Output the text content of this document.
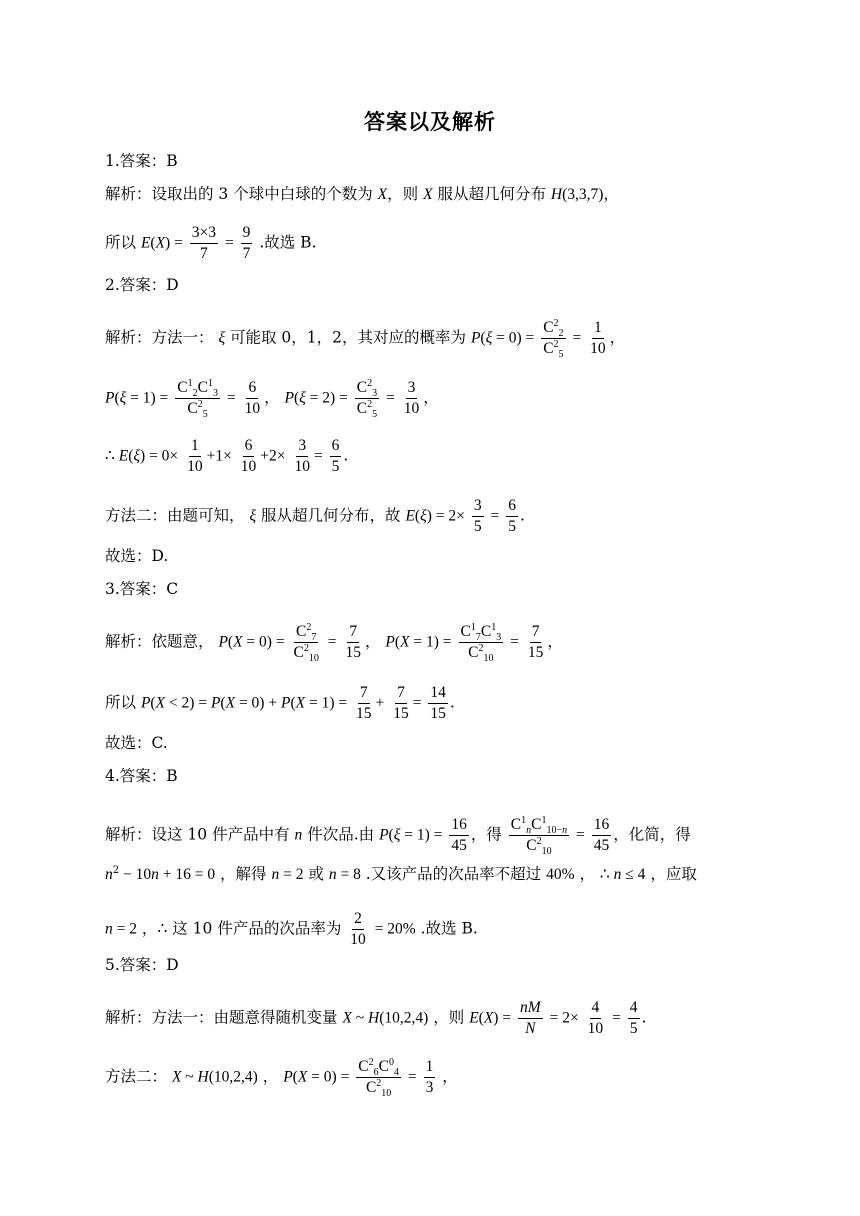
答案以及解析
1.答案：B
解析：设取出的 3 个球中白球的个数为 X，则 X 服从超几何分布 H(3,3,7)，
所以 $E(X) = \frac{3\times 3}{7} = \frac{9}{7}$ .故选 B.
2.答案：D
解析：方法一： ξ 可能取 0，1，2，其对应的概率为 $P(\xi = 0) = \frac{C^2_2}{C^2_5} = \frac{1}{10}$ ，
$P(\xi = 1) = \frac{C^1_2C^1_3}{C^2_5} = \frac{6}{10}$ ， $P(\xi = 2) = \frac{C^2_3}{C^2_5} = \frac{3}{10}$ ，
∴ $E(\xi) = 0\times \frac{1}{10} +1\times \frac{6}{10} +2\times \frac{3}{10} = \frac{6}{5}$ .
方法二：由题可知， ξ 服从超几何分布，故 $E(\xi) = 2\times \frac{3}{5} = \frac{6}{5}$ .
故选：D.
3.答案：C
解析：依题意， $P(X = 0) = \frac{C^2_7}{C^2_{10}} = \frac{7}{15}$ ， $P(X = 1) = \frac{C^1_7C^1_3}{C^2_{10}} = \frac{7}{15}$ ，
所以 $P(X < 2) = P(X = 0) + P(X = 1) = \frac{7}{15} + \frac{7}{15} = \frac{14}{15}$ .
故选：C.
4.答案：B
解析：设这 10 件产品中有 n 件次品.由 $P(\xi = 1) = \frac{16}{45}$ ，得 $\frac{C^1_nC^1_{10-n}}{C^2_{10}} = \frac{16}{45}$ ，化简，得
$n^2 - 10n + 16 = 0$ ，解得 n = 2 或 n = 8 .又该产品的次品率不超过 40% ， ∴ n ≤ 4 ，应取
n = 2 ，∴ 这 10 件产品的次品率为 $\frac{2}{10} = 20\%$ .故选 B.
5.答案：D
解析：方法一：由题意得随机变量 X ~ H(10,2,4) ，则 $E(X) = \frac{nM}{N} = 2\times \frac{4}{10} = \frac{4}{5}$ .
方法二： X ~ H(10,2,4) ， $P(X = 0) = \frac{C^2_6C^0_4}{C^2_{10}} = \frac{1}{3}$ ，
